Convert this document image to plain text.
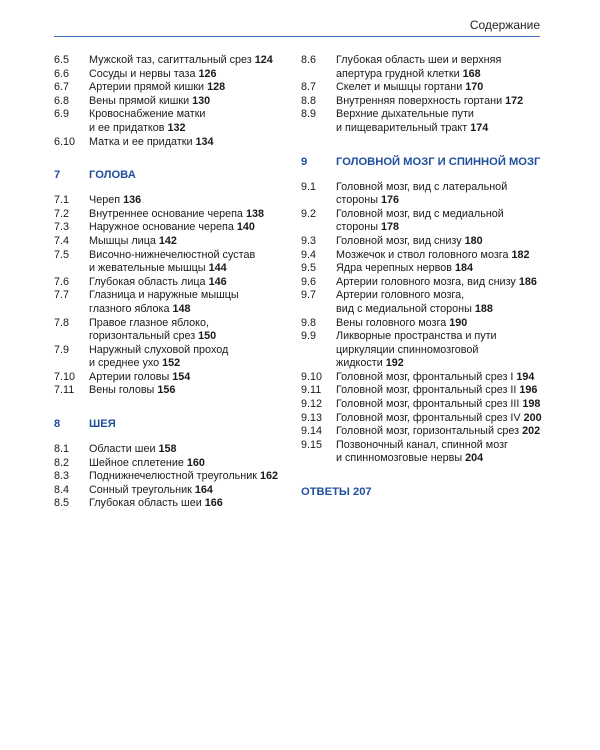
Содержание
6.5	Мужской таз, сагиттальный срез 124
6.6	Сосуды и нервы таза 126
6.7	Артерии прямой кишки 128
6.8	Вены прямой кишки 130
6.9	Кровоснабжение матки
и ее придатков 132
6.10	Матка и ее придатки 134
7	ГОЛОВА
7.1	Череп 136
7.2	Внутреннее основание черепа 138
7.3	Наружное основание черепа 140
7.4	Мышцы лица 142
7.5	Височно-нижнечелюстной сустав
и жевательные мышцы 144
7.6	Глубокая область лица 146
7.7	Глазница и наружные мышцы
глазного яблока 148
7.8	Правое глазное яблоко,
горизонтальный срез 150
7.9	Наружный слуховой проход
и среднее ухо 152
7.10	Артерии головы 154
7.11	Вены головы 156
8	ШЕЯ
8.1	Области шеи 158
8.2	Шейное сплетение 160
8.3	Поднижнечелюстной треугольник 162
8.4	Сонный треугольник 164
8.5	Глубокая область шеи 166
8.6	Глубокая область шеи и верхняя
апертура грудной клетки 168
8.7	Скелет и мышцы гортани 170
8.8	Внутренняя поверхность гортани 172
8.9	Верхние дыхательные пути
и пищеварительный тракт 174
9	ГОЛОВНОЙ МОЗГ И СПИННОЙ МОЗГ
9.1	Головной мозг, вид с латеральной
стороны 176
9.2	Головной мозг, вид с медиальной
стороны 178
9.3	Головной мозг, вид снизу 180
9.4	Мозжечок и ствол головного мозга 182
9.5	Ядра черепных нервов 184
9.6	Артерии головного мозга, вид снизу 186
9.7	Артерии головного мозга,
вид с медиальной стороны 188
9.8	Вены головного мозга 190
9.9	Ликворные пространства и пути
циркуляции спинномозговой
жидкости 192
9.10	Головной мозг, фронтальный срез I 194
9.11	Головной мозг, фронтальный срез II 196
9.12	Головной мозг, фронтальный срез III 198
9.13	Головной мозг, фронтальный срез IV 200
9.14	Головной мозг, горизонтальный срез 202
9.15	Позвоночный канал, спинной мозг
и спинномозговые нервы 204
ОТВЕТЫ 207
